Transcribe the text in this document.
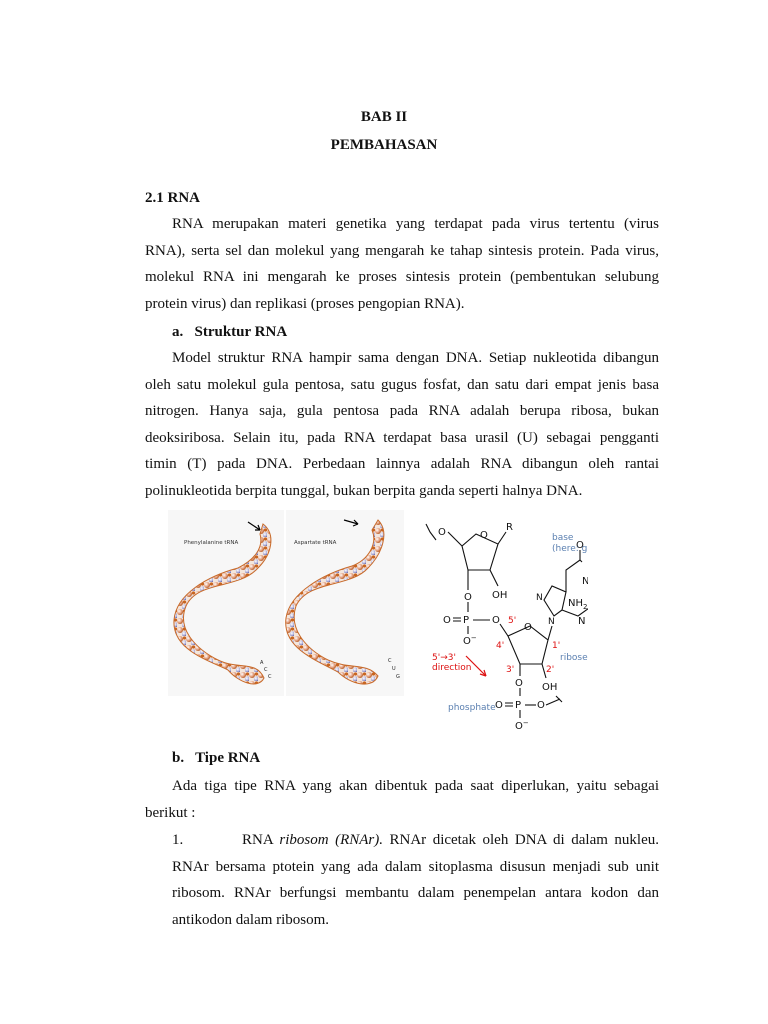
BAB II
PEMBAHASAN
2.1 RNA
RNA merupakan materi genetika yang terdapat pada virus tertentu (virus
RNA), serta sel dan molekul yang mengarah ke tahap sintesis protein. Pada virus,
molekul RNA ini mengarah ke proses sintesis protein (pembentukan selubung
protein virus) dan replikasi (proses pengopian RNA).
a.   Struktur RNA
Model struktur RNA hampir sama dengan DNA. Setiap nukleotida dibangun
oleh satu molekul gula pentosa, satu gugus fosfat, dan satu dari empat jenis basa
nitrogen. Hanya saja, gula pentosa pada RNA adalah berupa ribosa, bukan
deoksiribosa. Selain itu, pada RNA terdapat basa urasil (U) sebagai pengganti
timin (T) pada DNA. Perbedaan lainnya adalah RNA dibangun oleh rantai
polinukleotida berpita tunggal, bukan berpita ganda seperti halnya DNA.
Phenylalanine tRNA
A
C
C
Aspartate tRNA
C
U
G
O	O
R
OH
O
P
O
O−
O 5'
O
4'	1'
3'	2'
OH
O
P
O	O
O−
N
N
O
N
N
$NH_2$
base
(here: g
5'→3'
direction
ribose
phosphate
b.   Tipe RNA
Ada tiga tipe RNA yang akan dibentuk pada saat diperlukan, yaitu sebagai
berikut :
1.	RNA ribosom (RNAr). RNAr dicetak oleh DNA di dalam nukleu.
RNAr bersama ptotein yang ada dalam sitoplasma disusun menjadi sub unit
ribosom. RNAr berfungsi membantu dalam penempelan antara kodon dan
antikodon dalam ribosom.
